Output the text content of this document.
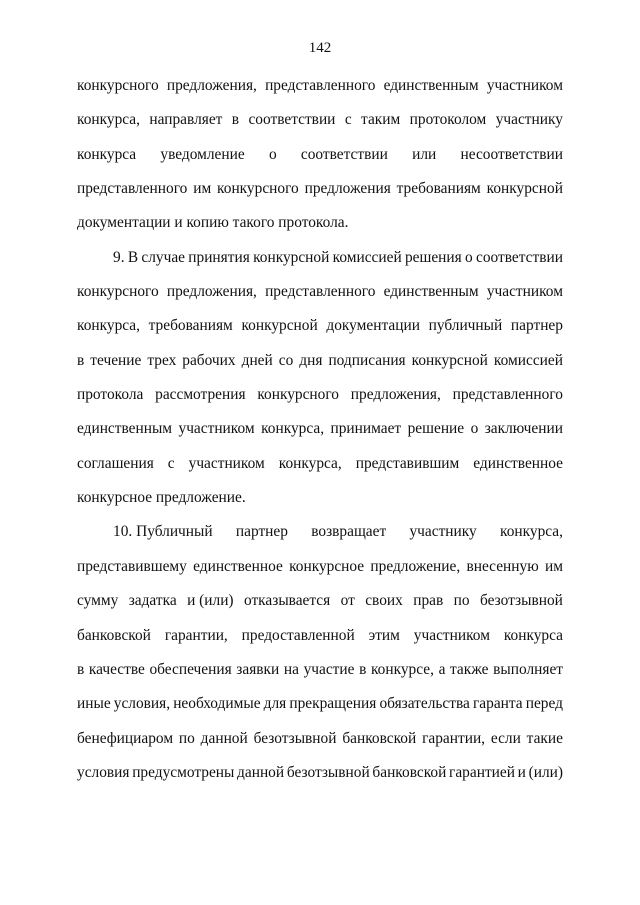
142
конкурсного предложения, представленного единственным участником
конкурса, направляет в соответствии с таким протоколом участнику
конкурса уведомление о соответствии или несоответствии
представленного им конкурсного предложения требованиям конкурсной
документации и копию такого протокола.
9. В случае принятия конкурсной комиссией решения о соответствии
конкурсного предложения, представленного единственным участником
конкурса, требованиям конкурсной документации публичный партнер
в течение трех рабочих дней со дня подписания конкурсной комиссией
протокола рассмотрения конкурсного предложения, представленного
единственным участником конкурса, принимает решение о заключении
соглашения с участником конкурса, представившим единственное
конкурсное предложение.
10. Публичный партнер возвращает участнику конкурса,
представившему единственное конкурсное предложение, внесенную им
сумму задатка и (или) отказывается от своих прав по безотзывной
банковской гарантии, предоставленной этим участником конкурса
в качестве обеспечения заявки на участие в конкурсе, а также выполняет
иные условия, необходимые для прекращения обязательства гаранта перед
бенефициаром по данной безотзывной банковской гарантии, если такие
условия предусмотрены данной безотзывной банковской гарантией и (или)
